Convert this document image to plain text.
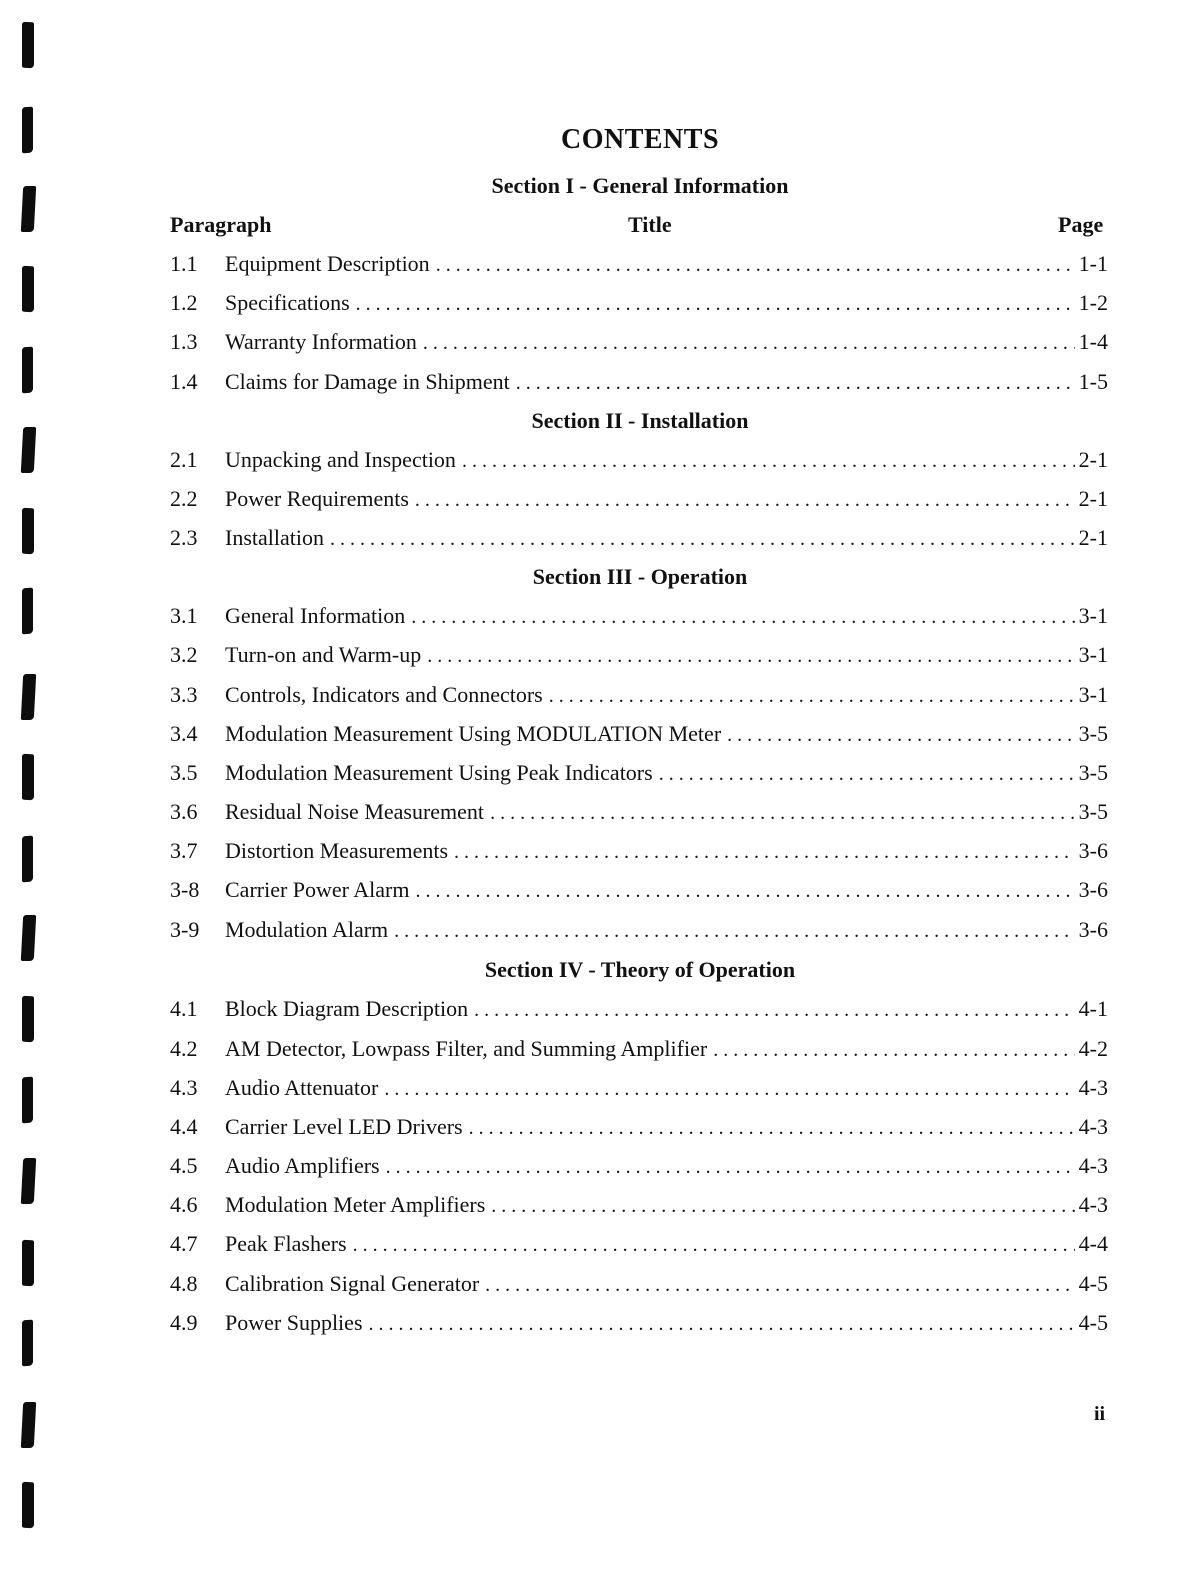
CONTENTS
Section I - General Information
Paragraph	Title	Page
1.1	Equipment Description . . .	1-1
1.2	Specifications . . .	1-2
1.3	Warranty Information . . .	1-4
1.4	Claims for Damage in Shipment . . .	1-5
Section II - Installation
2.1	Unpacking and Inspection . . .	2-1
2.2	Power Requirements . . .	2-1
2.3	Installation . . .	2-1
Section III - Operation
3.1	General Information . . .	3-1
3.2	Turn-on and Warm-up . . .	3-1
3.3	Controls, Indicators and Connectors . . .	3-1
3.4	Modulation Measurement Using MODULATION Meter . . .	3-5
3.5	Modulation Measurement Using Peak Indicators . . .	3-5
3.6	Residual Noise Measurement . . .	3-5
3.7	Distortion Measurements . . .	3-6
3-8	Carrier Power Alarm . . .	3-6
3-9	Modulation Alarm . . .	3-6
Section IV - Theory of Operation
4.1	Block Diagram Description . . .	4-1
4.2	AM Detector, Lowpass Filter, and Summing Amplifier . . .	4-2
4.3	Audio Attenuator . . .	4-3
4.4	Carrier Level LED Drivers . . .	4-3
4.5	Audio Amplifiers . . .	4-3
4.6	Modulation Meter Amplifiers . . .	4-3
4.7	Peak Flashers . . .	4-4
4.8	Calibration Signal Generator . . .	4-5
4.9	Power Supplies . . .	4-5
ii
